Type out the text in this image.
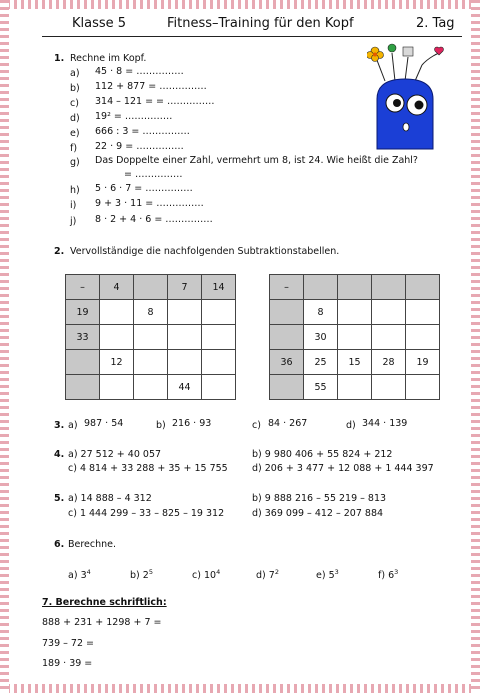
Klasse 5	Fitness–Training für den Kopf	2. Tag
1. Rechne im Kopf.
a) 45 · 8 = ……………
b) 112 + 877 = ……………
c) 314 – 121 = = ……………
d) 19² = ……………
e) 666 : 3 = ……………
f) 22 · 9 = ……………
g) Das Doppelte einer Zahl, vermehrt um 8, ist 24. Wie heißt die Zahl?
= ……………
h) 5 · 6 · 7 = ……………
i) 9 + 3 · 11 = ……………
j) 8 · 2 + 4 · 6 = ……………
2. Vervollständige die nachfolgenden Subtraktionstabellen.
–	4		7	14
19		8		
33				
	12			
			44	
–				
	8			
	30			
36	25	15	28	19
	55			
3. a) 987 · 54	b) 216 · 93	c) 84 · 267	d) 344 · 139
4. a) 27 512 + 40 057	b) 9 980 406 + 55 824 + 212
c) 4 814 + 33 288 + 35 + 15 755	d) 206 + 3 477 + 12 088 + 1 444 397
5. a) 14 888 – 4 312	b) 9 888 216 – 55 219 – 813
c) 1 444 299 – 33 – 825 – 19 312	d) 369 099 – 412 – 207 884
6. Berechne.
a) $3^4$	b) $2^5$	c) $10^4$	d) $7^2$	e) $5^3$	f) $6^3$
7. Berechne schriftlich:
888 + 231 + 1298 + 7 =
739 – 72 =
189 · 39 =
